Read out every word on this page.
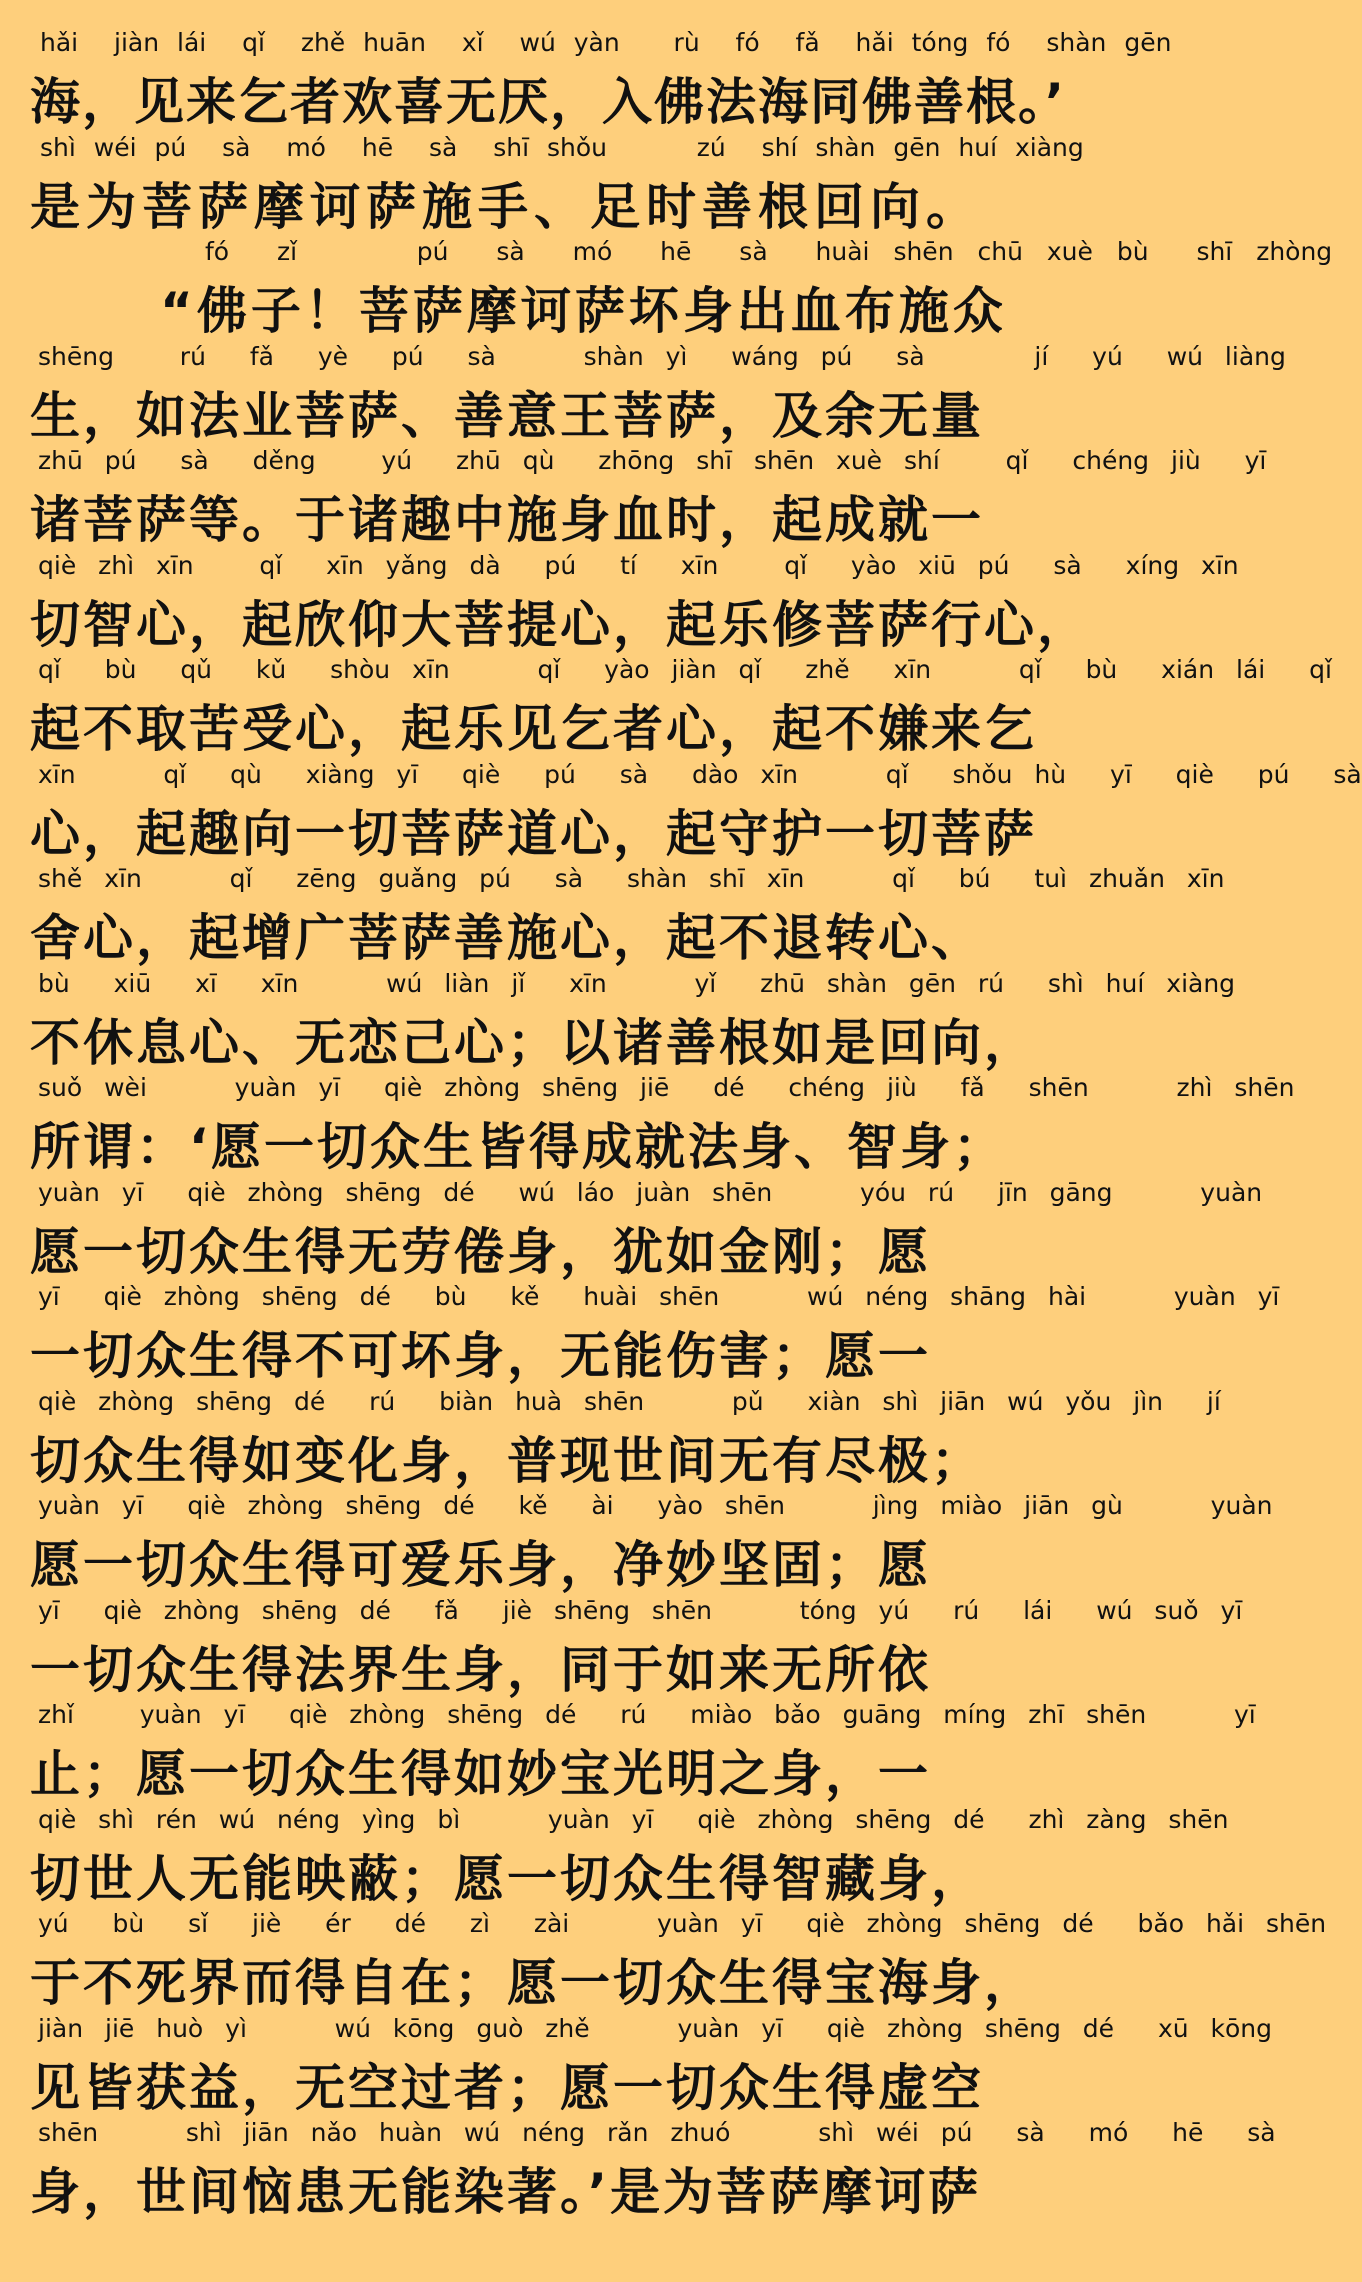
hǎi  jiàn lái  qǐ  zhě huān  xǐ  wú yàn   rù  fó  fǎ  hǎi tóng fó  shàn gēn
海，见来乞者欢喜无厌，入佛法海同佛善根。’
shì wéi pú  sà  mó  hē  sà  shī shǒu     zú  shí shàn gēn huí xiàng
是为菩萨摩诃萨施手、足时善根回向。
fó  zǐ     pú  sà  mó  hē  sà  huài shēn chū xuè bù  shī zhòng
“佛子！菩萨摩诃萨坏身出血布施众
shēng   rú  fǎ  yè  pú  sà    shàn yì  wáng pú  sà     jí  yú  wú liàng
生，如法业菩萨、善意王菩萨，及余无量
zhū pú  sà  děng   yú  zhū qù  zhōng shī shēn xuè shí   qǐ  chéng jiù  yī
诸菩萨等。于诸趣中施身血时，起成就一
qiè zhì xīn   qǐ  xīn yǎng dà  pú  tí  xīn   qǐ  yào xiū pú  sà  xíng xīn
切智心，起欣仰大菩提心，起乐修菩萨行心，
qǐ  bù  qǔ  kǔ  shòu xīn    qǐ  yào jiàn qǐ  zhě  xīn    qǐ  bù  xián lái  qǐ
起不取苦受心，起乐见乞者心，起不嫌来乞
xīn    qǐ  qù  xiàng yī  qiè  pú  sà  dào xīn    qǐ  shǒu hù  yī  qiè  pú  sà
心，起趣向一切菩萨道心，起守护一切菩萨
shě xīn    qǐ  zēng guǎng pú  sà  shàn shī xīn    qǐ  bú  tuì zhuǎn xīn
舍心，起增广菩萨善施心，起不退转心、
bù  xiū  xī  xīn    wú liàn jǐ  xīn    yǐ  zhū shàn gēn rú  shì huí xiàng
不休息心、无恋己心；以诸善根如是回向，
suǒ wèi    yuàn yī  qiè zhòng shēng jiē  dé  chéng jiù  fǎ  shēn    zhì shēn
所谓：‘愿一切众生皆得成就法身、智身；
yuàn yī  qiè zhòng shēng dé  wú láo juàn shēn    yóu rú  jīn gāng    yuàn
愿一切众生得无劳倦身，犹如金刚；愿
yī  qiè zhòng shēng dé  bù  kě  huài shēn    wú néng shāng hài    yuàn yī
一切众生得不可坏身，无能伤害；愿一
qiè zhòng shēng dé  rú  biàn huà shēn    pǔ  xiàn shì jiān wú yǒu jìn  jí
切众生得如变化身，普现世间无有尽极；
yuàn yī  qiè zhòng shēng dé  kě  ài  yào shēn    jìng miào jiān gù    yuàn
愿一切众生得可爱乐身，净妙坚固；愿
yī  qiè zhòng shēng dé  fǎ  jiè shēng shēn    tóng yú  rú  lái  wú suǒ yī
一切众生得法界生身，同于如来无所依
zhǐ   yuàn yī  qiè zhòng shēng dé  rú  miào bǎo guāng míng zhī shēn    yī
止；愿一切众生得如妙宝光明之身，一
qiè shì rén wú néng yìng bì    yuàn yī  qiè zhòng shēng dé  zhì zàng shēn
切世人无能映蔽；愿一切众生得智藏身，
yú  bù  sǐ  jiè  ér  dé  zì  zài    yuàn yī  qiè zhòng shēng dé  bǎo hǎi shēn
于不死界而得自在；愿一切众生得宝海身，
jiàn jiē huò yì    wú kōng guò zhě    yuàn yī  qiè zhòng shēng dé  xū kōng
见皆获益，无空过者；愿一切众生得虚空
shēn    shì jiān nǎo huàn wú néng rǎn zhuó    shì wéi pú  sà  mó  hē  sà
身，世间恼患无能染著。’是为菩萨摩诃萨
